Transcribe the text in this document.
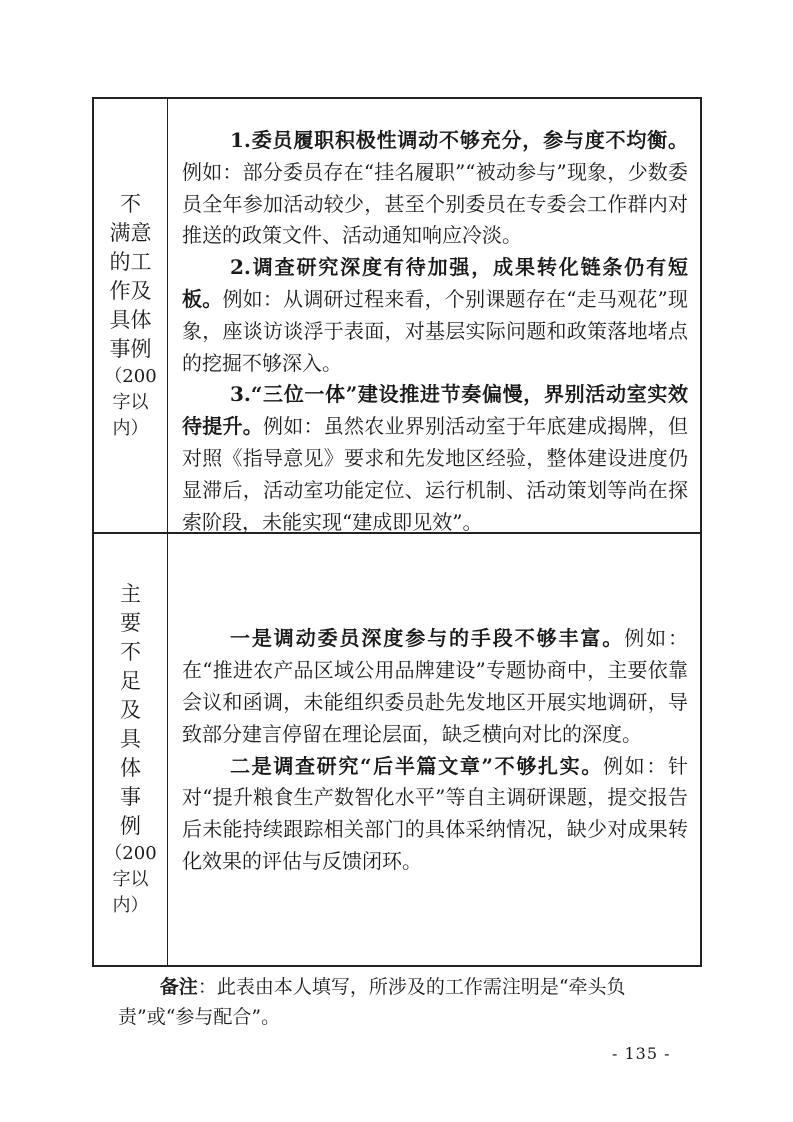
不
满意
的工
作及
具体
事例
（200
字以
内）

1.委员履职积极性调动不够充分，参与度不均衡。例如：部分委员存在“挂名履职”“被动参与”现象，少数委员全年参加活动较少，甚至个别委员在专委会工作群内对推送的政策文件、活动通知响应冷淡。

2.调查研究深度有待加强，成果转化链条仍有短板。例如：从调研过程来看，个别课题存在“走马观花”现象，座谈访谈浮于表面，对基层实际问题和政策落地堵点的挖掘不够深入。

3.“三位一体”建设推进节奏偏慢，界别活动室实效待提升。例如：虽然农业界别活动室于年底建成揭牌，但对照《指导意见》要求和先发地区经验，整体建设进度仍显滞后，活动室功能定位、运行机制、活动策划等尚在探索阶段，未能实现“建成即见效”。

主
要
不
足
及
具
体
事
例
（200
字以
内）

一是调动委员深度参与的手段不够丰富。例如：在“推进农产品区域公用品牌建设”专题协商中，主要依靠会议和函调，未能组织委员赴先发地区开展实地调研，导致部分建言停留在理论层面，缺乏横向对比的深度。

二是调查研究“后半篇文章”不够扎实。例如：针对“提升粮食生产数智化水平”等自主调研课题，提交报告后未能持续跟踪相关部门的具体采纳情况，缺少对成果转化效果的评估与反馈闭环。

备注：此表由本人填写，所涉及的工作需注明是“牵头负责”或“参与配合”。
- 135 -
